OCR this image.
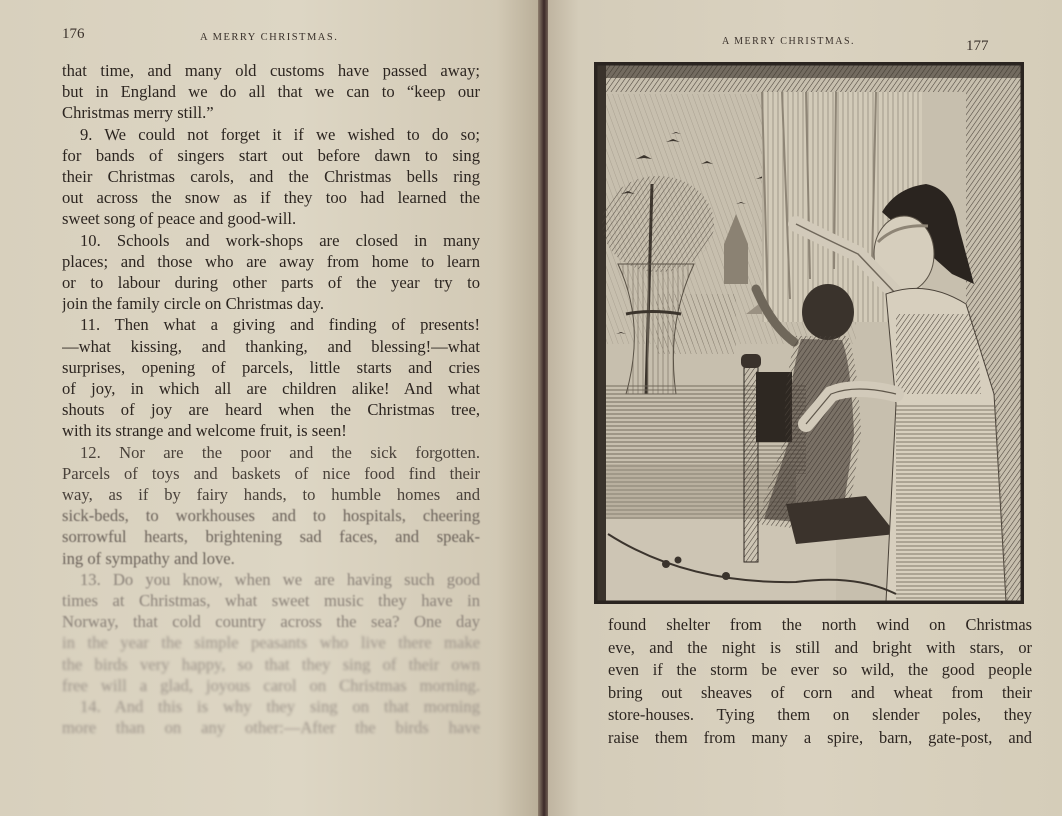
176	A MERRY CHRISTMAS.
that time, and many old customs have passed away;
but in England we do all that we can to “keep our
Christmas merry still.”
9. We could not forget it if we wished to do so;
for bands of singers start out before dawn to sing
their Christmas carols, and the Christmas bells ring
out across the snow as if they too had learned the
sweet song of peace and good-will.
10. Schools and work-shops are closed in many
places; and those who are away from home to learn
or to labour during other parts of the year try to
join the family circle on Christmas day.
11. Then what a giving and finding of presents!
—what kissing, and thanking, and blessing!—what
surprises, opening of parcels, little starts and cries
of joy, in which all are children alike! And what
shouts of joy are heard when the Christmas tree,
with its strange and welcome fruit, is seen!
12. Nor are the poor and the sick forgotten.
Parcels of toys and baskets of nice food find their
way, as if by fairy hands, to humble homes and
sick-beds, to workhouses and to hospitals, cheering
sorrowful hearts, brightening sad faces, and speak-
ing of sympathy and love.
13. Do you know, when we are having such good
times at Christmas, what sweet music they have in
Norway, that cold country across the sea? One day
in the year the simple peasants who live there make
the birds very happy, so that they sing of their own
free will a glad, joyous carol on Christmas morning.
14. And this is why they sing on that morning
more than on any other:—After the birds have
A MERRY CHRISTMAS.	177
found shelter from the north wind on Christmas
eve, and the night is still and bright with stars, or
even if the storm be ever so wild, the good people
bring out sheaves of corn and wheat from their
store-houses. Tying them on slender poles, they
raise them from many a spire, barn, gate-post, and
